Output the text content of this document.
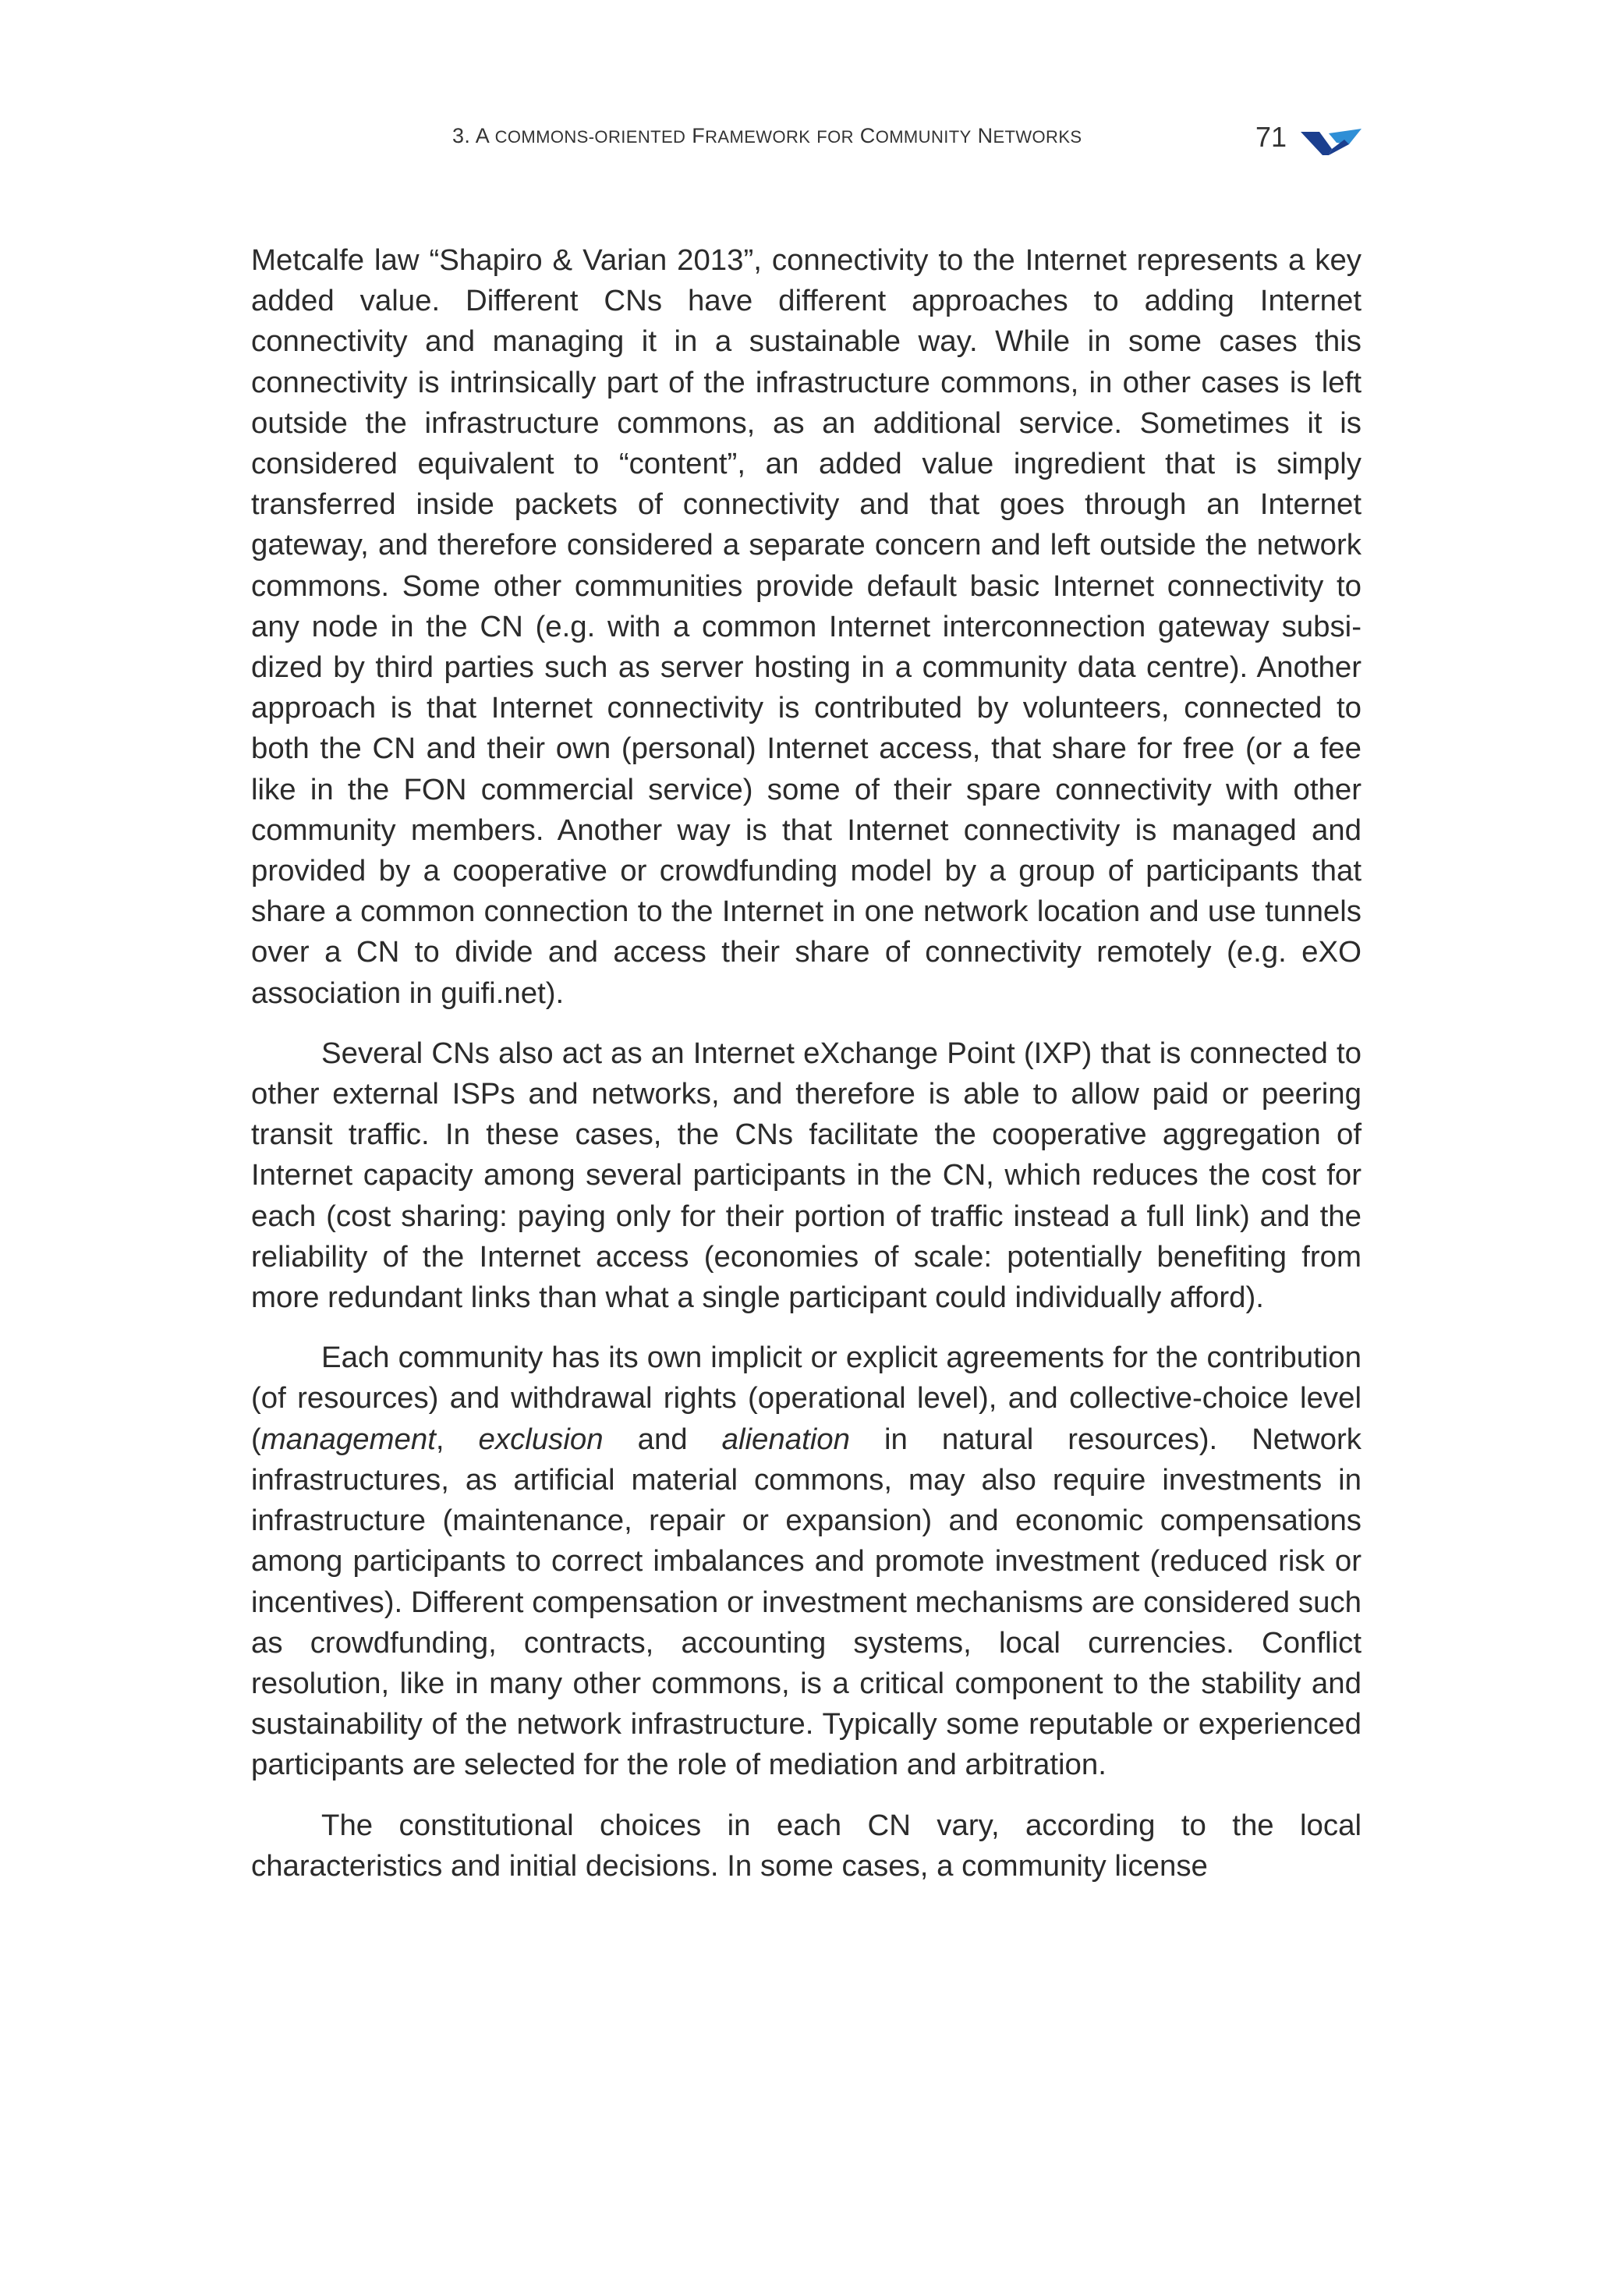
3. A COMMONS-ORIENTED FRAMEWORK FOR COMMUNITY NETWORKS	71

Metcalfe law “Shapiro & Varian 2013”, connectivity to the Internet represents a key added value. Different CNs have different approaches to adding Internet connectivity and managing it in a sustainable way. While in some cases this connectivity is intrinsically part of the infrastructure commons, in other cases is left outside the infrastructure commons, as an additional service. Sometimes it is considered equivalent to “content”, an added value ingredient that is simply transferred inside packets of connectivity and that goes through an Internet gateway, and therefore considered a separate concern and left outside the network commons. Some other communities provide default basic Internet connectivity to any node in the CN (e.g. with a common Internet interconnection gateway subsidized by third parties such as server hosting in a community data centre). Another approach is that Internet connectivity is contributed by volunteers, connected to both the CN and their own (personal) Internet access, that share for free (or a fee like in the FON commercial service) some of their spare connectivity with other community members. Another way is that Internet connectivity is managed and provided by a cooperative or crowdfunding model by a group of participants that share a common connection to the Internet in one network location and use tunnels over a CN to divide and access their share of connectivity remotely (e.g. eXO association in guifi.net).

Several CNs also act as an Internet eXchange Point (IXP) that is connected to other external ISPs and networks, and therefore is able to allow paid or peering transit traffic. In these cases, the CNs facilitate the cooperative aggregation of Internet capacity among several participants in the CN, which reduces the cost for each (cost sharing: paying only for their portion of traffic instead a full link) and the reliability of the Internet access (economies of scale: potentially benefiting from more redundant links than what a single participant could individually afford).

Each community has its own implicit or explicit agreements for the contribution (of resources) and withdrawal rights (operational level), and collective-choice level (management, exclusion and alienation in natural resources). Network infrastructures, as artificial material commons, may also require investments in infrastructure (maintenance, repair or expansion) and economic compensations among participants to correct imbalances and promote investment (reduced risk or incentives). Different compensation or investment mechanisms are considered such as crowdfunding, contracts, accounting systems, local currencies. Conflict resolution, like in many other commons, is a critical component to the stability and sustainability of the network infrastructure. Typically some reputable or experienced participants are selected for the role of mediation and arbitration.

The constitutional choices in each CN vary, according to the local characteristics and initial decisions. In some cases, a community license
